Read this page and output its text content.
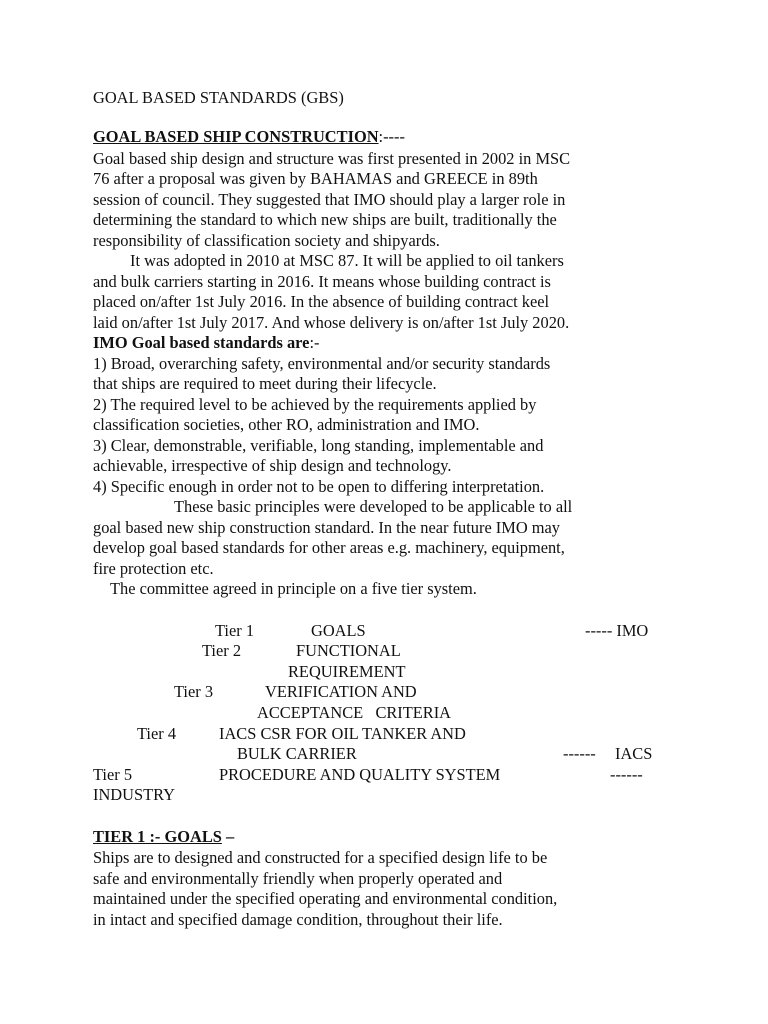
GOAL BASED STANDARDS (GBS)
GOAL BASED SHIP CONSTRUCTION:----
Goal based ship design and structure was first presented in 2002 in MSC
76 after a proposal was given by BAHAMAS and GREECE in 89th
session of council. They suggested that IMO should play a larger role in
determining the standard to which new ships are built, traditionally the
responsibility of classification society and shipyards.
It was adopted in 2010 at MSC 87. It will be applied to oil tankers
and bulk carriers starting in 2016. It means whose building contract is
placed on/after 1st July 2016. In the absence of building contract keel
laid on/after 1st July 2017. And whose delivery is on/after 1st July 2020.
IMO Goal based standards are:-
1) Broad, overarching safety, environmental and/or security standards
that ships are required to meet during their lifecycle.
2) The required level to be achieved by the requirements applied by
classification societies, other RO, administration and IMO.
3) Clear, demonstrable, verifiable, long standing, implementable and
achievable, irrespective of ship design and technology.
4) Specific enough in order not to be open to differing interpretation.
These basic principles were developed to be applicable to all
goal based new ship construction standard. In the near future IMO may
develop goal based standards for other areas e.g. machinery, equipment,
fire protection etc.
The committee agreed in principle on a five tier system.
Tier 1	GOALS	----- IMO
Tier 2	FUNCTIONAL
REQUIREMENT
Tier 3	VERIFICATION AND
ACCEPTANCE   CRITERIA
Tier 4	IACS CSR FOR OIL TANKER AND
BULK CARRIER	------ IACS
Tier 5	PROCEDURE AND QUALITY SYSTEM	------
INDUSTRY
TIER 1 :- GOALS –
Ships are to designed and constructed for a specified design life to be
safe and environmentally friendly when properly operated and
maintained under the specified operating and environmental condition,
in intact and specified damage condition, throughout their life.
